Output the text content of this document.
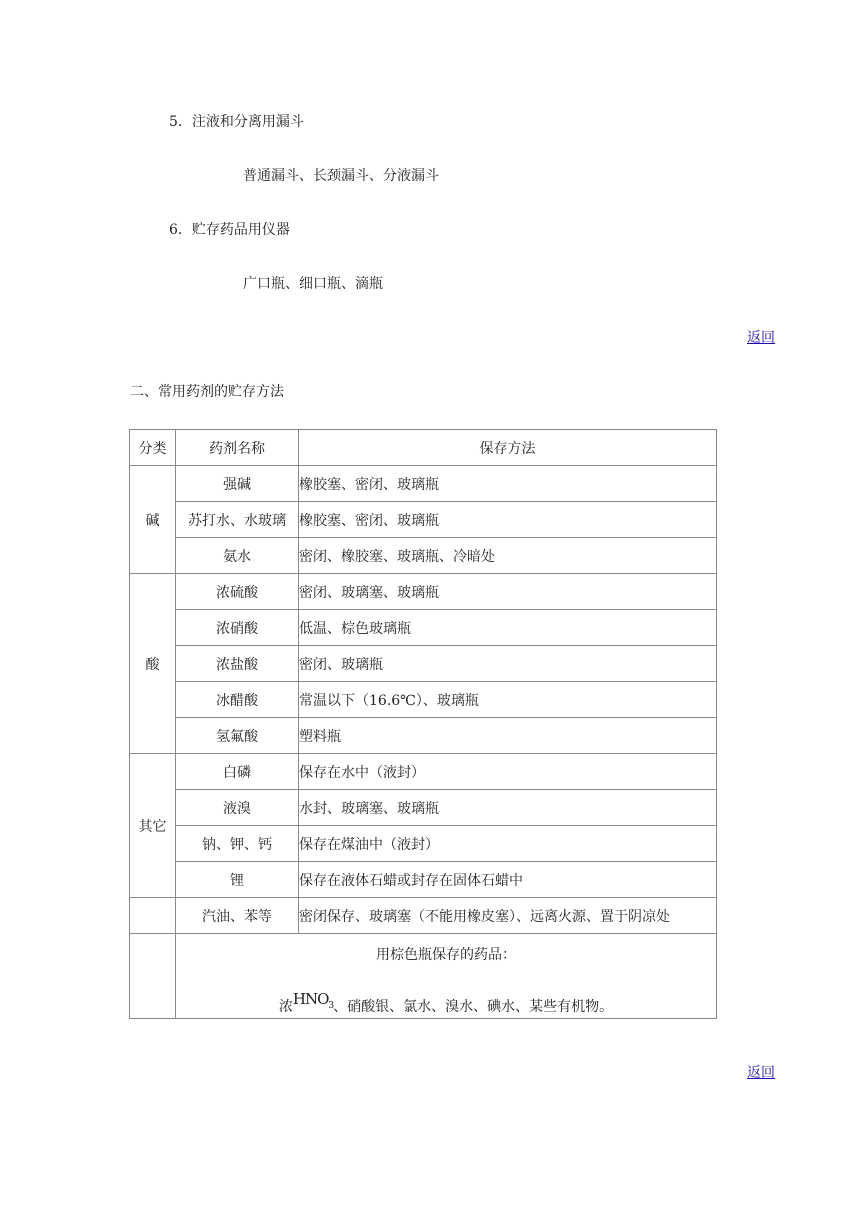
5．注液和分离用漏斗
普通漏斗、长颈漏斗、分液漏斗
6．贮存药品用仪器
广口瓶、细口瓶、滴瓶
返回
二、常用药剂的贮存方法
分类	药剂名称	保存方法
碱	强碱	橡胶塞、密闭、玻璃瓶
	苏打水、水玻璃	橡胶塞、密闭、玻璃瓶
	氨水	密闭、橡胶塞、玻璃瓶、冷暗处
酸	浓硫酸	密闭、玻璃塞、玻璃瓶
	浓硝酸	低温、棕色玻璃瓶
	浓盐酸	密闭、玻璃瓶
	冰醋酸	常温以下（16.6℃）、玻璃瓶
	氢氟酸	塑料瓶
其它	白磷	保存在水中（液封）
	液溴	水封、玻璃塞、玻璃瓶
	钠、钾、钙	保存在煤油中（液封）
	锂	保存在液体石蜡或封存在固体石蜡中
	汽油、苯等	密闭保存、玻璃塞（不能用橡皮塞）、远离火源、置于阴凉处

	用棕色瓶保存的药品：
浓$HNO_3$、硝酸银、氯水、溴水、碘水、某些有机物。	
返回
